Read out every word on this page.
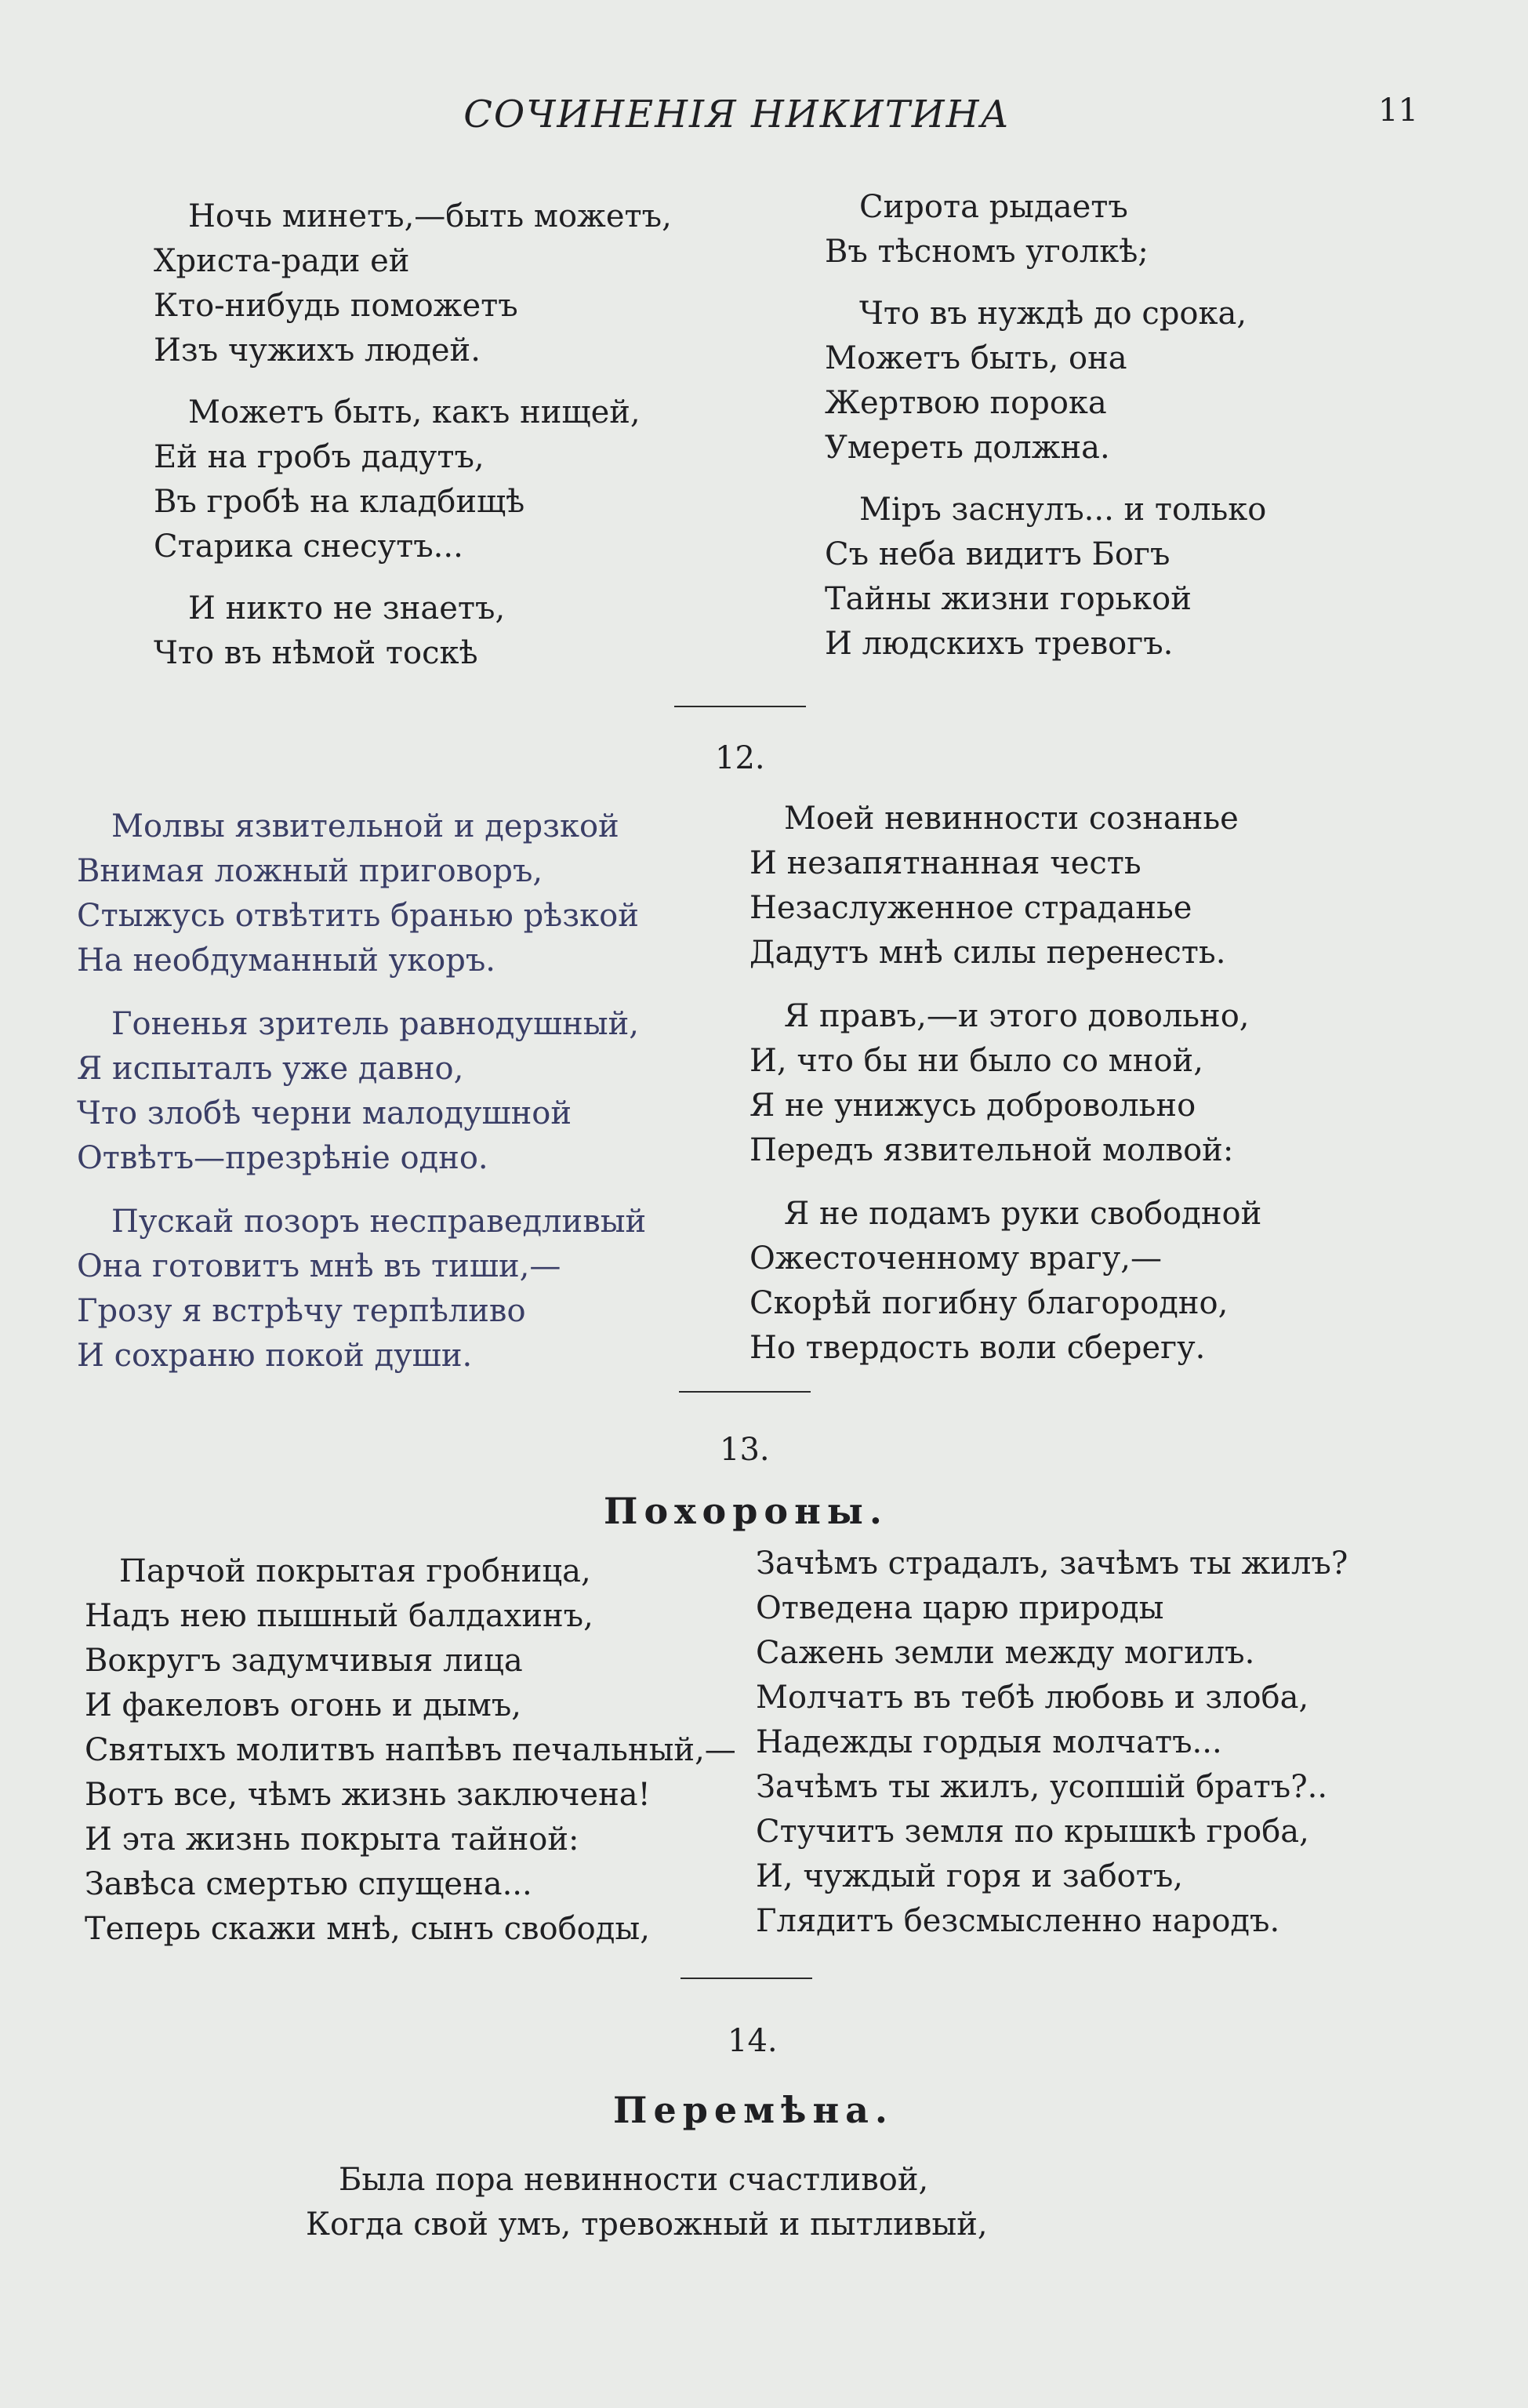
СОЧИНЕНІЯ НИКИТИНА	11
Ночь минетъ,—быть можетъ,
Христа-ради ей
Кто-нибудь поможетъ
Изъ чужихъ людей.
Можетъ быть, какъ нищей,
Ей на гробъ дадутъ,
Въ гробѣ на кладбищѣ
Старика снесутъ...
И никто не знаетъ,
Что въ нѣмой тоскѣ
Сирота рыдаетъ
Въ тѣсномъ уголкѣ;
Что въ нуждѣ до срока,
Можетъ быть, она
Жертвою порока
Умереть должна.
Міръ заснулъ... и только
Съ неба видитъ Богъ
Тайны жизни горькой
И людскихъ тревогъ.
12.
Молвы язвительной и дерзкой
Внимая ложный приговоръ,
Стыжусь отвѣтить бранью рѣзкой
На необдуманный укоръ.
Гоненья зритель равнодушный,
Я испыталъ уже давно,
Что злобѣ черни малодушной
Отвѣтъ—презрѣніе одно.
Пускай позоръ несправедливый
Она готовитъ мнѣ въ тиши,—
Грозу я встрѣчу терпѣливо
И сохраню покой души.
Моей невинности сознанье
И незапятнанная честь
Незаслуженное страданье
Дадутъ мнѣ силы перенесть.
Я правъ,—и этого довольно,
И, что бы ни было со мной,
Я не унижусь добровольно
Передъ язвительной молвой:
Я не подамъ руки свободной
Ожесточенному врагу,—
Скорѣй погибну благородно,
Но твердость воли сберегу.
13.
Похороны.
Парчой покрытая гробница,
Надъ нею пышный балдахинъ,
Вокругъ задумчивыя лица
И факеловъ огонь и дымъ,
Святыхъ молитвъ напѣвъ печальный,—
Вотъ все, чѣмъ жизнь заключена!
И эта жизнь покрыта тайной:
Завѣса смертью спущена...
Теперь скажи мнѣ, сынъ свободы,
Зачѣмъ страдалъ, зачѣмъ ты жилъ?
Отведена царю природы
Сажень земли между могилъ.
Молчатъ въ тебѣ любовь и злоба,
Надежды гордыя молчатъ...
Зачѣмъ ты жилъ, усопшій братъ?..
Стучитъ земля по крышкѣ гроба,
И, чуждый горя и заботъ,
Глядитъ безсмысленно народъ.
14.
Перемѣна.
Была пора невинности счастливой,
Когда свой умъ, тревожный и пытливый,
